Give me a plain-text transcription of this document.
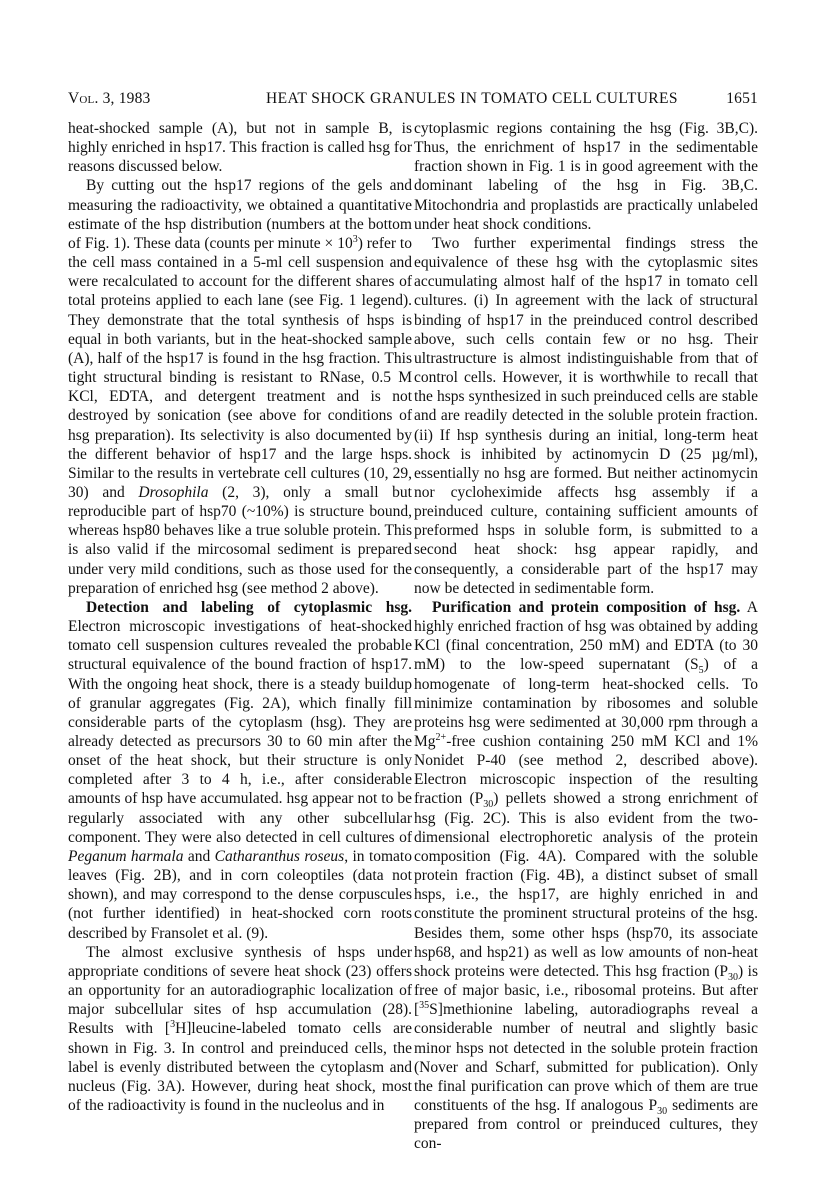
Vol. 3, 1983	HEAT SHOCK GRANULES IN TOMATO CELL CULTURES	1651

heat-shocked sample (A), but not in sample B, is highly enriched in hsp17. This fraction is called hsg for reasons discussed below.

By cutting out the hsp17 regions of the gels and measuring the radioactivity, we obtained a quantitative estimate of the hsp distribution (numbers at the bottom of Fig. 1). These data (counts per minute × $10^3$) refer to the cell mass contained in a 5-ml cell suspension and were recalculated to account for the different shares of total proteins applied to each lane (see Fig. 1 legend). They demonstrate that the total synthesis of hsps is equal in both variants, but in the heat-shocked sample (A), half of the hsp17 is found in the hsg fraction. This tight structural binding is resistant to RNase, 0.5 M KCl, EDTA, and detergent treatment and is not destroyed by sonication (see above for conditions of hsg preparation). Its selectivity is also documented by the different behavior of hsp17 and the large hsps. Similar to the results in vertebrate cell cultures (10, 29, 30) and Drosophila (2, 3), only a small but reproducible part of hsp70 (~10%) is structure bound, whereas hsp80 behaves like a true soluble protein. This is also valid if the mircosomal sediment is prepared under very mild conditions, such as those used for the preparation of enriched hsg (see method 2 above).

Detection and labeling of cytoplasmic hsg. Electron microscopic investigations of heat-shocked tomato cell suspension cultures revealed the probable structural equivalence of the bound fraction of hsp17. With the ongoing heat shock, there is a steady buildup of granular aggregates (Fig. 2A), which finally fill considerable parts of the cytoplasm (hsg). They are already detected as precursors 30 to 60 min after the onset of the heat shock, but their structure is only completed after 3 to 4 h, i.e., after considerable amounts of hsp have accumulated. hsg appear not to be regularly associated with any other subcellular component. They were also detected in cell cultures of Peganum harmala and Catharanthus roseus, in tomato leaves (Fig. 2B), and in corn coleoptiles (data not shown), and may correspond to the dense corpuscules (not further identified) in heat-shocked corn roots described by Fransolet et al. (9).

The almost exclusive synthesis of hsps under appropriate conditions of severe heat shock (23) offers an opportunity for an autoradiographic localization of major subcellular sites of hsp accumulation (28). Results with [$^3$H]leucine-labeled tomato cells are shown in Fig. 3. In control and preinduced cells, the label is evenly distributed between the cytoplasm and nucleus (Fig. 3A). However, during heat shock, most of the radioactivity is found in the nucleolus and in

cytoplasmic regions containing the hsg (Fig. 3B,C). Thus, the enrichment of hsp17 in the sedimentable fraction shown in Fig. 1 is in good agreement with the dominant labeling of the hsg in Fig. 3B,C. Mitochondria and proplastids are practically unlabeled under heat shock conditions.

Two further experimental findings stress the equivalence of these hsg with the cytoplasmic sites accumulating almost half of the hsp17 in tomato cell cultures. (i) In agreement with the lack of structural binding of hsp17 in the preinduced control described above, such cells contain few or no hsg. Their ultrastructure is almost indistinguishable from that of control cells. However, it is worthwhile to recall that the hsps synthesized in such preinduced cells are stable and are readily detected in the soluble protein fraction. (ii) If hsp synthesis during an initial, long-term heat shock is inhibited by actinomycin D (25 µg/ml), essentially no hsg are formed. But neither actinomycin nor cycloheximide affects hsg assembly if a preinduced culture, containing sufficient amounts of preformed hsps in soluble form, is submitted to a second heat shock: hsg appear rapidly, and consequently, a considerable part of the hsp17 may now be detected in sedimentable form.

Purification and protein composition of hsg. A highly enriched fraction of hsg was obtained by adding KCl (final concentration, 250 mM) and EDTA (to 30 mM) to the low-speed supernatant $(S_5)$ of a homogenate of long-term heat-shocked cells. To minimize contamination by ribosomes and soluble proteins hsg were sedimented at 30,000 rpm through a $Mg^{2+}$-free cushion containing 250 mM KCl and 1% Nonidet P-40 (see method 2, described above). Electron microscopic inspection of the resulting fraction $(P_{30})$ pellets showed a strong enrichment of hsg (Fig. 2C). This is also evident from the two-dimensional electrophoretic analysis of the protein composition (Fig. 4A). Compared with the soluble protein fraction (Fig. 4B), a distinct subset of small hsps, i.e., the hsp17, are highly enriched in and constitute the prominent structural proteins of the hsg. Besides them, some other hsps (hsp70, its associate hsp68, and hsp21) as well as low amounts of non-heat shock proteins were detected. This hsg fraction $(P_{30})$ is free of major basic, i.e., ribosomal proteins. But after [$^{35}$S]methionine labeling, autoradiographs reveal a considerable number of neutral and slightly basic minor hsps not detected in the soluble protein fraction (Nover and Scharf, submitted for publication). Only the final purification can prove which of them are true constituents of the hsg. If analogous $P_{30}$ sediments are prepared from control or preinduced cultures, they con-
